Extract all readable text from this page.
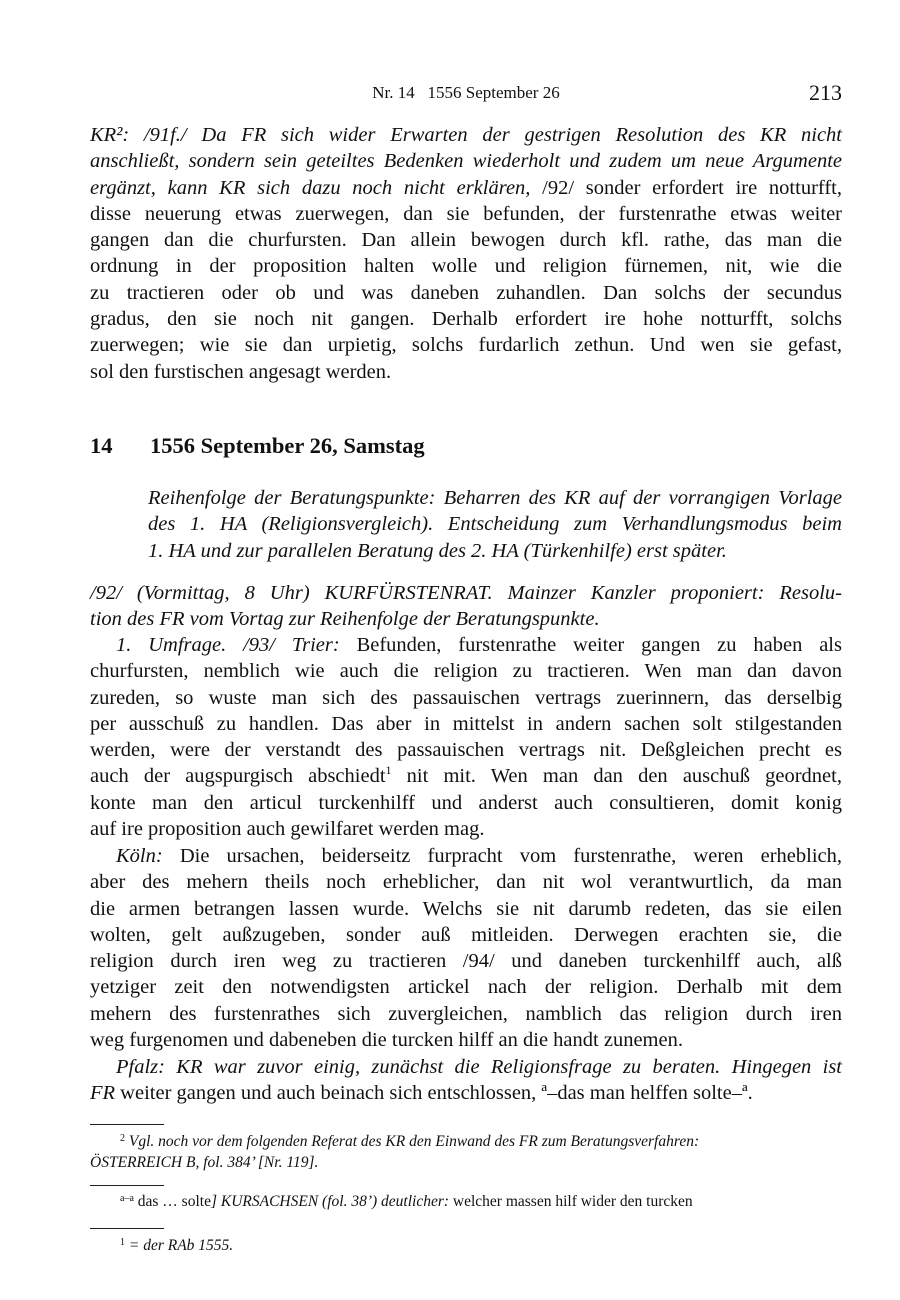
Nr. 14   1556 September 26	213
KR²: /91f./ Da FR sich wider Erwarten der gestrigen Resolution des KR nicht
anschließt, sondern sein geteiltes Bedenken wiederholt und zudem um neue Argumente
ergänzt, kann KR sich dazu noch nicht erklären, /92/ sonder erfordert ire notturfft,
disse neuerung etwas zuerwegen, dan sie befunden, der furstenrathe etwas weiter
gangen dan die churfursten. Dan allein bewogen durch kfl. rathe, das man die
ordnung in der proposition halten wolle und religion fürnemen, nit, wie die
zu tractieren oder ob und was daneben zuhandlen. Dan solchs der secundus
gradus, den sie noch nit gangen. Derhalb erfordert ire hohe notturfft, solchs
zuerwegen; wie sie dan urpietig, solchs furdarlich zethun. Und wen sie gefast,
sol den furstischen angesagt werden.
14 1556 September 26, Samstag
Reihenfolge der Beratungspunkte: Beharren des KR auf der vorrangigen Vorlage
des 1. HA (Religionsvergleich). Entscheidung zum Verhandlungsmodus beim
1. HA und zur parallelen Beratung des 2. HA (Türkenhilfe) erst später.
/92/ (Vormittag, 8 Uhr) KURFÜRSTENRAT. Mainzer Kanzler proponiert: Resolu-
tion des FR vom Vortag zur Reihenfolge der Beratungspunkte.
1. Umfrage. /93/ Trier: Befunden, furstenrathe weiter gangen zu haben als
churfursten, nemblich wie auch die religion zu tractieren. Wen man dan davon
zureden, so wuste man sich des passauischen vertrags zuerinnern, das derselbig
per ausschuß zu handlen. Das aber in mittelst in andern sachen solt stilgestanden
werden, were der verstandt des passauischen vertrags nit. Deßgleichen precht es
auch der augspurgisch abschiedt$^1$ nit mit. Wen man dan den auschuß geordnet,
konte man den articul turckenhilff und anderst auch consultieren, domit konig
auf ire proposition auch gewilfaret werden mag.
Köln: Die ursachen, beiderseitz furpracht vom furstenrathe, weren erheblich,
aber des mehern theils noch erheblicher, dan nit wol verantwurtlich, da man
die armen betrangen lassen wurde. Welchs sie nit darumb redeten, das sie eilen
wolten, gelt außzugeben, sonder auß mitleiden. Derwegen erachten sie, die
religion durch iren weg zu tractieren /94/ und daneben turckenhilff auch, alß
yetziger zeit den notwendigsten artickel nach der religion. Derhalb mit dem
mehern des furstenrathes sich zuvergleichen, namblich das religion durch iren
weg furgenomen und dabeneben die turcken hilff an die handt zunemen.
Pfalz: KR war zuvor einig, zunächst die Religionsfrage zu beraten. Hingegen ist
FR weiter gangen und auch beinach sich entschlossen, ª–das man helffen solte–ª.
$^2$ Vgl. noch vor dem folgenden Referat des KR den Einwand des FR zum Beratungsverfahren:
ÖSTERREICH B, fol. 384’ [Nr. 119].
$^{a-a}$ das … solte] KURSACHSEN (fol. 38’) deutlicher: welcher massen hilf wider den turcken
$^1$ = der RAb 1555.
